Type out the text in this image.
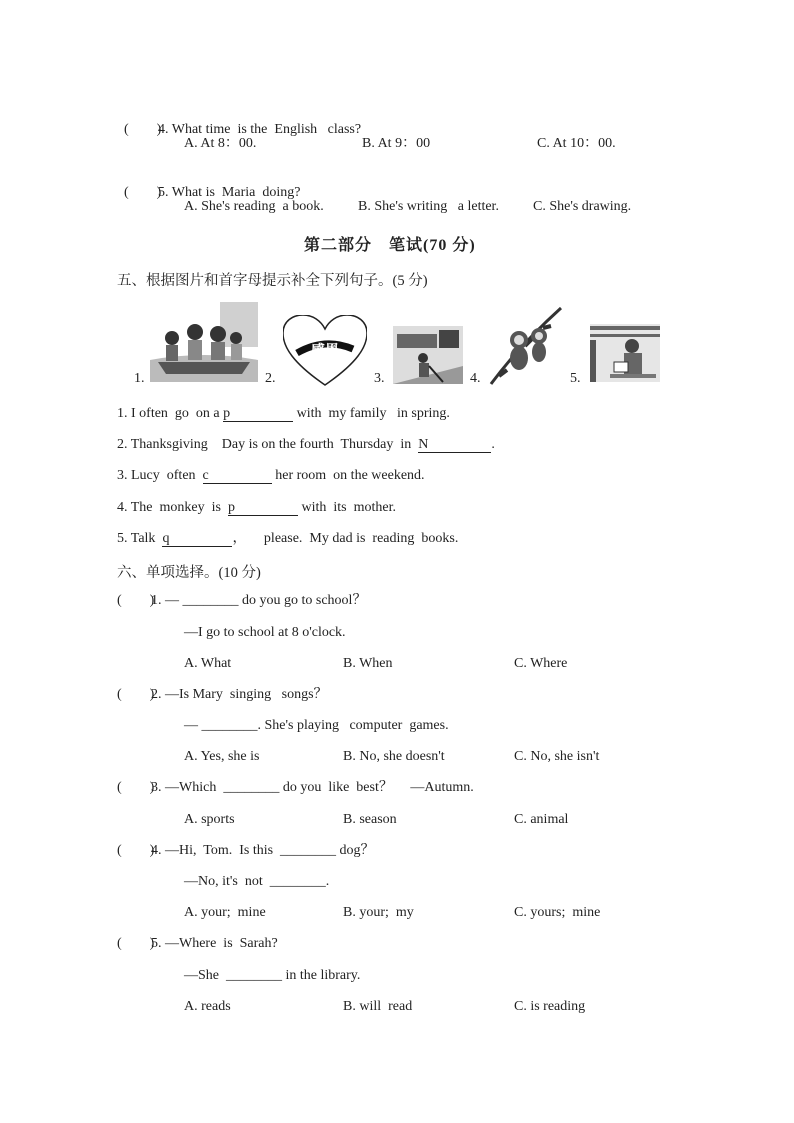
(        )4. What time  is the  English   class?

A. At 8：00.	B. At 9：00	C. At 10：00.

(        )5. What is  Maria  doing?

A. She's reading  a book. B. She's writing   a letter. C. She's drawing.
第二部分　笔试(70 分)
五、根据图片和首字母提示补全下列句子。(5 分)
1.	2.
感恩
3.	4.	5.
1. I often  go  on a p	with  my family   in spring.
2. Thanksgiving    Day is on the fourth  Thursday  in  N	.
3. Lucy  often  c	her room  on the weekend.
4. The  monkey  is  p	with  its  mother.
5. Talk  q	，     please.  My dad is  reading  books.
六、单项选择。(10 分)
(        )1. — ________ do you go to school？
—I go to school at 8 o'clock.
A. What	B. When	C. Where
(        )2. —Is Mary  singing   songs？
— ________. She's playing   computer  games.
A. Yes, she is	B. No, she doesn't	C. No, she isn't
(        )3. —Which  ________ do you  like  best？     —Autumn.
A. sports	B. season	C. animal
(        )4. —Hi,  Tom.  Is this  ________ dog？
—No, it's  not  ________.
A. your;  mine	B. your;  my	C. yours;  mine
(        )5. —Where  is  Sarah?
—She  ________ in the library.
A. reads	B. will  read	C. is reading
